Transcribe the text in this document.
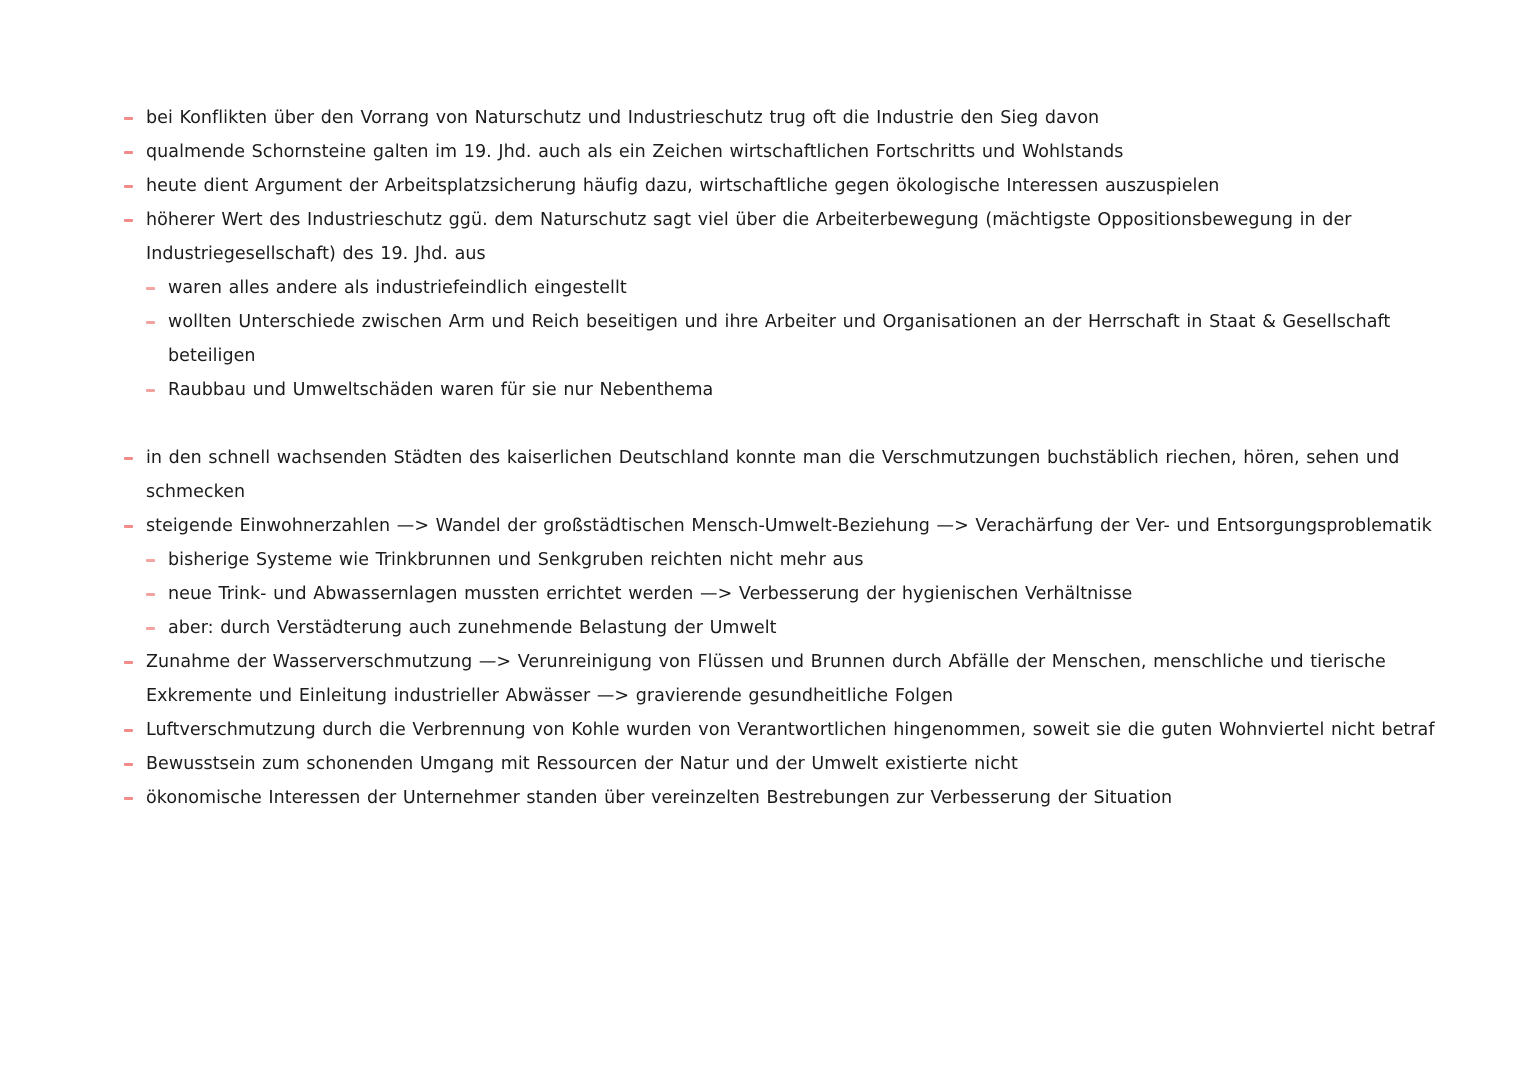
bei Konflikten über den Vorrang von Naturschutz und Industrieschutz trug oft die Industrie den Sieg davon
qualmende Schornsteine galten im 19. Jhd. auch als ein Zeichen wirtschaftlichen Fortschritts und Wohlstands
heute dient Argument der Arbeitsplatzsicherung häufig dazu, wirtschaftliche gegen ökologische Interessen auszuspielen
höherer Wert des Industrieschutz ggü. dem Naturschutz sagt viel über die Arbeiterbewegung (mächtigste Oppositionsbewegung in der Industriegesellschaft) des 19. Jhd. aus
waren alles andere als industriefeindlich eingestellt
wollten Unterschiede zwischen Arm und Reich beseitigen und ihre Arbeiter und Organisationen an der Herrschaft in Staat & Gesellschaft beteiligen
Raubbau und Umweltschäden waren für sie nur Nebenthema
in den schnell wachsenden Städten des kaiserlichen Deutschland konnte man die Verschmutzungen buchstäblich riechen, hören, sehen und schmecken
steigende Einwohnerzahlen —> Wandel der großstädtischen Mensch-Umwelt-Beziehung —> Verachärfung der Ver- und Entsorgungsproblematik
bisherige Systeme wie Trinkbrunnen und Senkgruben reichten nicht mehr aus
neue Trink- und Abwassernlagen mussten errichtet werden —> Verbesserung der hygienischen Verhältnisse
aber: durch Verstädterung auch zunehmende Belastung der Umwelt
Zunahme der Wasserverschmutzung —> Verunreinigung von Flüssen und Brunnen durch Abfälle der Menschen, menschliche und tierische Exkremente und Einleitung industrieller Abwässer —> gravierende gesundheitliche Folgen
Luftverschmutzung durch die Verbrennung von Kohle wurden von Verantwortlichen hingenommen, soweit sie die guten Wohnviertel nicht betraf
Bewusstsein zum schonenden Umgang mit Ressourcen der Natur und der Umwelt existierte nicht
ökonomische Interessen der Unternehmer standen über vereinzelten Bestrebungen zur Verbesserung der Situation
